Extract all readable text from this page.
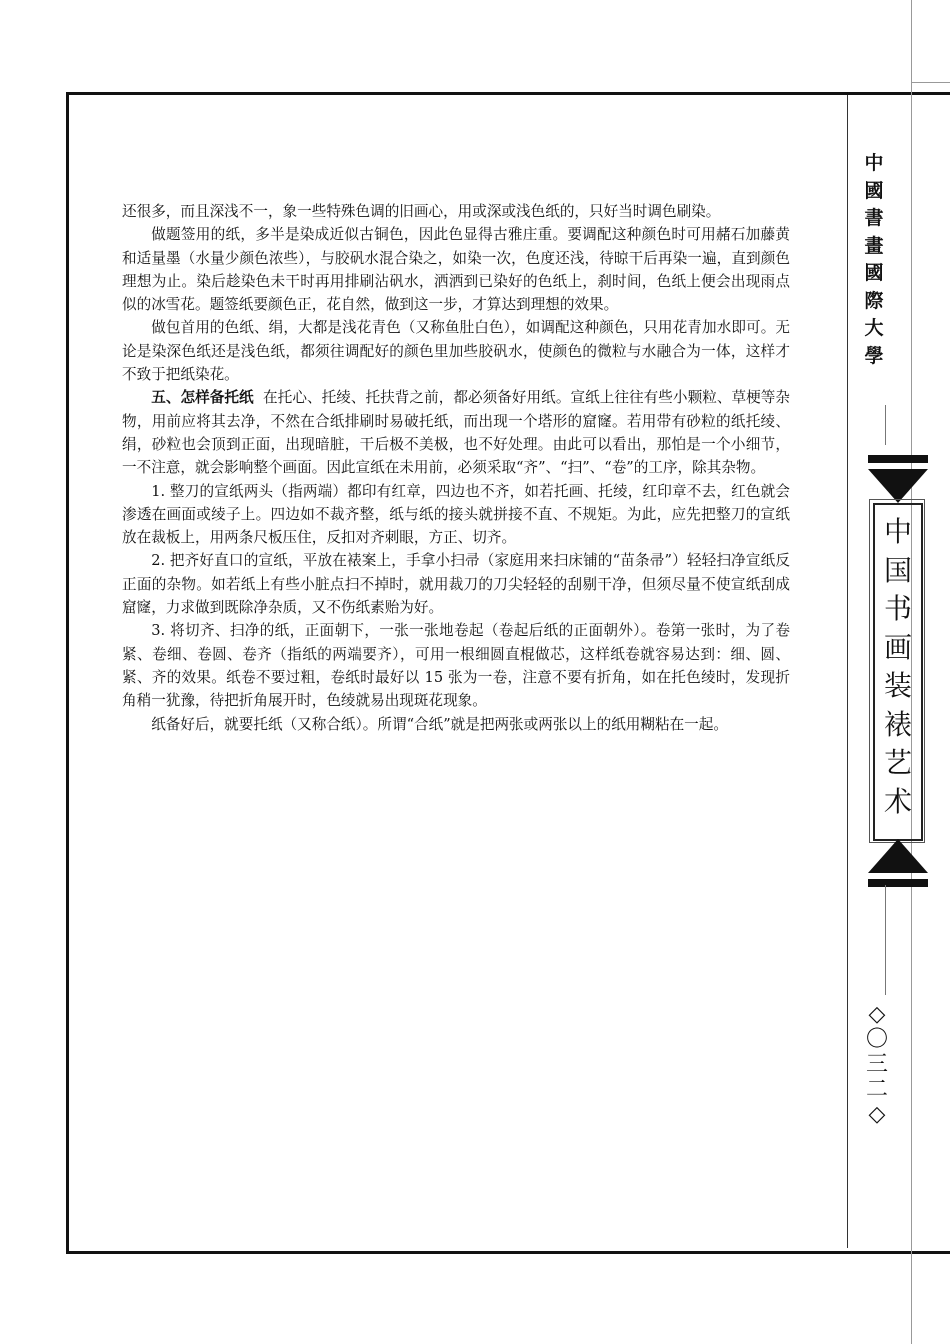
还很多，而且深浅不一，象一些特殊色调的旧画心，用或深或浅色纸的，只好当时调色刷染。

做题签用的纸，多半是染成近似古铜色，因此色显得古雅庄重。要调配这种颜色时可用赭石加藤黄和适量墨（水量少颜色浓些），与胶矾水混合染之，如染一次，色度还浅，待晾干后再染一遍，直到颜色理想为止。染后趁染色未干时再用排刷沾矾水，洒洒到已染好的色纸上，刹时间，色纸上便会出现雨点似的冰雪花。题签纸要颜色正，花自然，做到这一步，才算达到理想的效果。

做包首用的色纸、绢，大都是浅花青色（又称鱼肚白色），如调配这种颜色，只用花青加水即可。无论是染深色纸还是浅色纸，都须往调配好的颜色里加些胶矾水，使颜色的微粒与水融合为一体，这样才不致于把纸染花。

五、怎样备托纸 在托心、托绫、托扶背之前，都必须备好用纸。宣纸上往往有些小颗粒、草梗等杂物，用前应将其去净，不然在合纸排刷时易破托纸，而出现一个塔形的窟窿。若用带有砂粒的纸托绫、绢，砂粒也会顶到正面，出现暗脏，干后极不美极，也不好处理。由此可以看出，那怕是一个小细节，一不注意，就会影响整个画面。因此宣纸在未用前，必须采取“齐”、“扫”、“卷”的工序，除其杂物。

1. 整刀的宣纸两头（指两端）都印有红章，四边也不齐，如若托画、托绫，红印章不去，红色就会渗透在画面或绫子上。四边如不裁齐整，纸与纸的接头就拼接不直、不规矩。为此，应先把整刀的宣纸放在裁板上，用两条尺板压住，反扣对齐刺眼，方正、切齐。

2. 把齐好直口的宣纸，平放在裱案上，手拿小扫帚（家庭用来扫床铺的“苗条帚”）轻轻扫净宣纸反正面的杂物。如若纸上有些小脏点扫不掉时，就用裁刀的刀尖轻轻的刮剔干净，但须尽量不使宣纸刮成窟窿，力求做到既除净杂质，又不伤纸素贻为好。

3. 将切齐、扫净的纸，正面朝下，一张一张地卷起（卷起后纸的正面朝外）。卷第一张时，为了卷紧、卷细、卷圆、卷齐（指纸的两端要齐），可用一根细圆直棍做芯，这样纸卷就容易达到：细、圆、紧、齐的效果。纸卷不要过粗，卷纸时最好以 15 张为一卷，注意不要有折角，如在托色绫时，发现折角稍一犹豫，待把折角展开时，色绫就易出现斑花现象。

纸备好后，就要托纸（又称合纸）。所谓“合纸”就是把两张或两张以上的纸用糊粘在一起。

中
國
書
畫
國
際
大
學
中
国
书
画
装
裱
艺
术
◇
〇
三
二
◇
